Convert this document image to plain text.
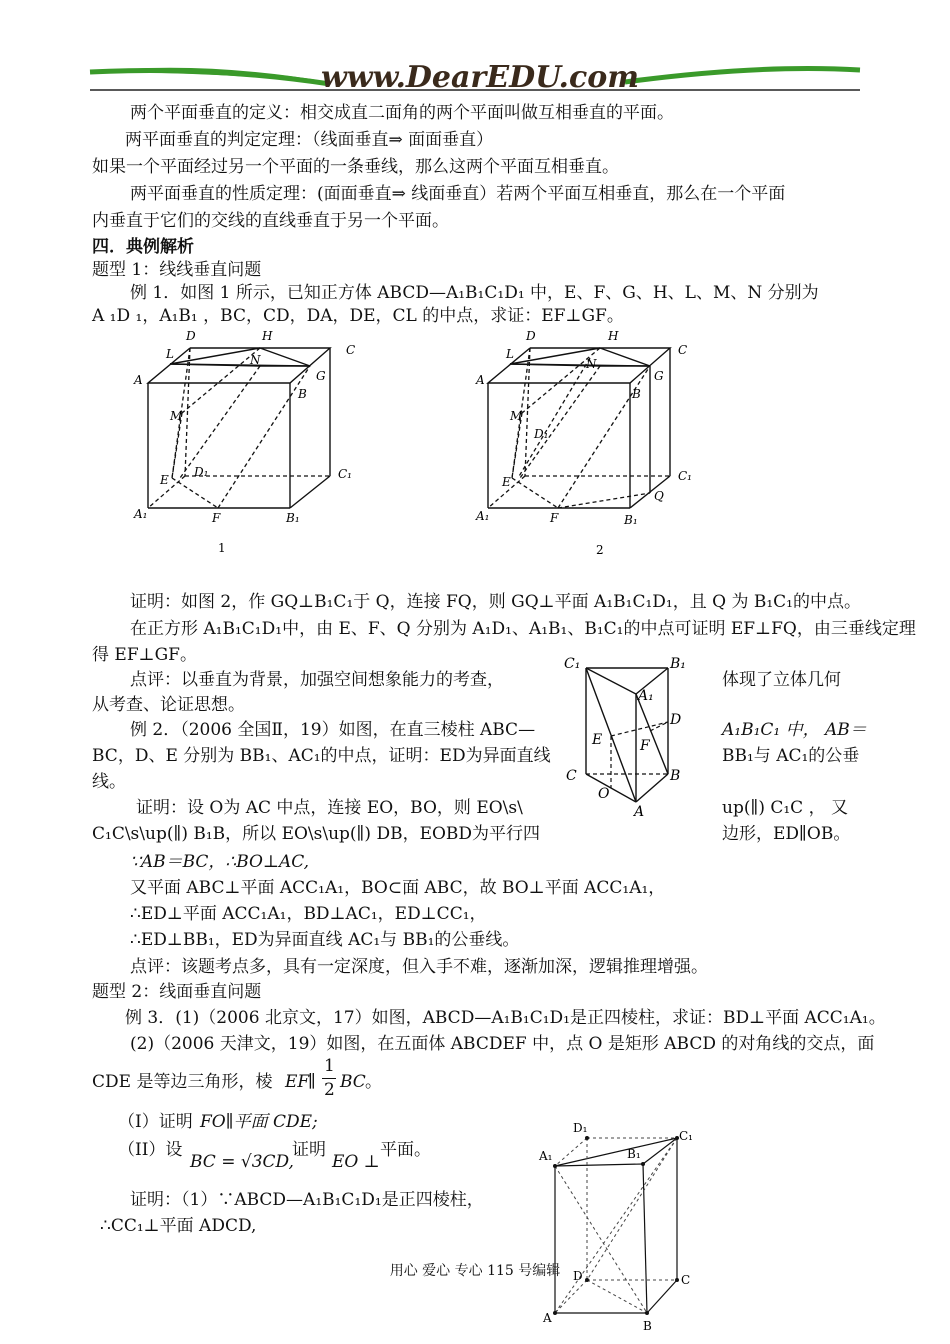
www.DearEDU.com
两个平面垂直的定义：相交成直二面角的两个平面叫做互相垂直的平面。
两平面垂直的判定定理：（线面垂直⇒ 面面垂直）
如果一个平面经过另一个平面的一条垂线，那么这两个平面互相垂直。
两平面垂直的性质定理：(面面垂直⇒ 线面垂直）若两个平面互相垂直，那么在一个平面
内垂直于它们的交线的直线垂直于另一个平面。
四．典例解析
题型 1：线线垂直问题
例 1．如图 1 所示，已知正方体 ABCD—A₁B₁C₁D₁ 中，E、F、G、H、L、M、N 分别为
A ₁D ₁，A₁B₁ ，BC，CD，DA，DE，CL 的中点，求证：EF⊥GF。
D	H
C
L	N
G
A
B
M
D₁	C₁
E
A₁	F	B₁
1
D	H
C
L
N
G
A
B
M
D₁
C₁
E
Q
A₁	F	B₁
2
证明：如图 2，作 GQ⊥B₁C₁于 Q，连接 FQ，则 GQ⊥平面 A₁B₁C₁D₁，且 Q 为 B₁C₁的中点。
在正方形 A₁B₁C₁D₁中，由 E、F、Q 分别为 A₁D₁、A₁B₁、B₁C₁的中点可证明 EF⊥FQ，由三垂线定理
得 EF⊥GF。
点评：以垂直为背景，加强空间想象能力的考查，	体现了立体几何
从考查、论证思想。
例 2．（2006 全国Ⅱ，19）如图，在直三棱柱 ABC—	A₁B₁C₁ 中， AB＝
BC，D、E 分别为 BB₁、AC₁的中点，证明：ED为异面直线	BB₁与 AC₁的公垂
线。
证明：设 O为 AC 中点，连接 EO，BO，则 EO\s\	up(∥) C₁C ， 又
C₁C\s\up(∥) B₁B，所以 EO\s\up(∥) DB，EOBD为平行四	边形，ED∥OB。
C₁	B₁
A₁
D
E	F
C	B
O
A
∵AB＝BC，∴BO⊥AC,
又平面 ABC⊥平面 ACC₁A₁，BO⊂面 ABC，故 BO⊥平面 ACC₁A₁，
∴ED⊥平面 ACC₁A₁，BD⊥AC₁，ED⊥CC₁，
∴ED⊥BB₁，ED为异面直线 AC₁与 BB₁的公垂线。
点评：该题考点多，具有一定深度，但入手不难，逐渐加深，逻辑推理增强。
题型 2：线面垂直问题
例 3．(1)（2006 北京文，17）如图，ABCD—A₁B₁C₁D₁是正四棱柱，求证：BD⊥平面 ACC₁A₁。
(2)（2006 天津文，19）如图，在五面体 ABCDEF 中，点 O 是矩形 ABCD 的对角线的交点，面
CDE 是等边三角形，棱 EF
∥
1
2 BC 。
（I）证明 FO∥平面 CDE;
（II）设
BC = √3CD,
证明
EO ⊥
平面。
证明：（1）∵ABCD—A₁B₁C₁D₁是正四棱柱，
∴CC₁⊥平面 ADCD,
D₁
C₁
A₁	B₁
D	C
A
B
用心 爱心 专心 115 号编辑
